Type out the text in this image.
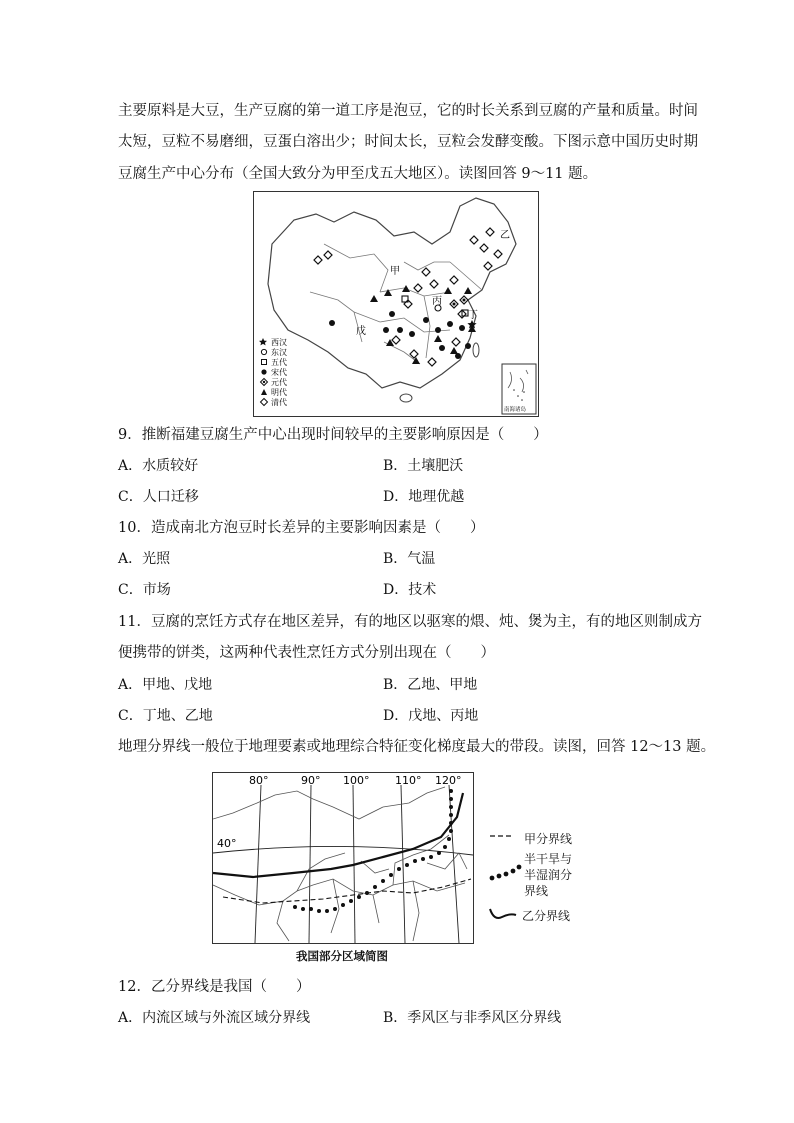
主要原料是大豆，生产豆腐的第一道工序是泡豆，它的时长关系到豆腐的产量和质量。时间
太短，豆粒不易磨细，豆蛋白溶出少；时间太长，豆粒会发酵变酸。下图示意中国历史时期
豆腐生产中心分布（全国大致分为甲至戊五大地区）。读图回答 9～11 题。
甲
乙
丙
丁
戊
西汉
东汉
五代
宋代
元代
明代
清代
南海诸岛
9．推断福建豆腐生产中心出现时间较早的主要影响原因是（　　）
A．水质较好	B．土壤肥沃
C．人口迁移	D．地理优越
10．造成南北方泡豆时长差异的主要影响因素是（　　）
A．光照	B．气温
C．市场	D．技术
11．豆腐的烹饪方式存在地区差异，有的地区以驱寒的煨、炖、煲为主，有的地区则制成方
便携带的饼类，这两种代表性烹饪方式分别出现在（　　）
A．甲地、戊地	B．乙地、甲地
C．丁地、乙地	D．戊地、丙地
地理分界线一般位于地理要素或地理综合特征变化梯度最大的带段。读图，回答 12～13 题。
80°	90° 100° 110° 120°
40°	甲分界线
半干旱与
半湿润分
界线
乙分界线
我国部分区域简图
12．乙分界线是我国（　　）
A．内流区域与外流区域分界线	B．季风区与非季风区分界线
